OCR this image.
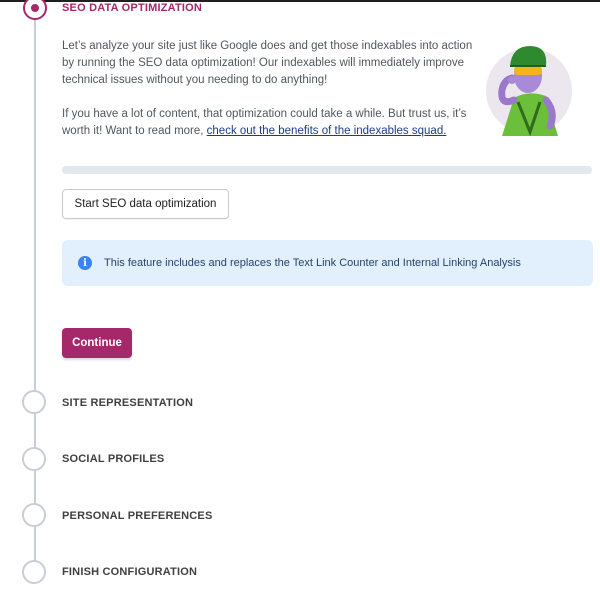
SEO DATA OPTIMIZATION

Let’s analyze your site just like Google does and get those indexables into action by running the SEO data optimization! Our indexables will immediately improve technical issues without you needing to do anything!

If you have a lot of content, that optimization could take a while. But trust us, it’s worth it! Want to read more, check out the benefits of the indexables squad.

Start SEO data optimization
i	This feature includes and replaces the Text Link Counter and Internal Linking Analysis
Continue
SITE REPRESENTATION
SOCIAL PROFILES
PERSONAL PREFERENCES
FINISH CONFIGURATION
